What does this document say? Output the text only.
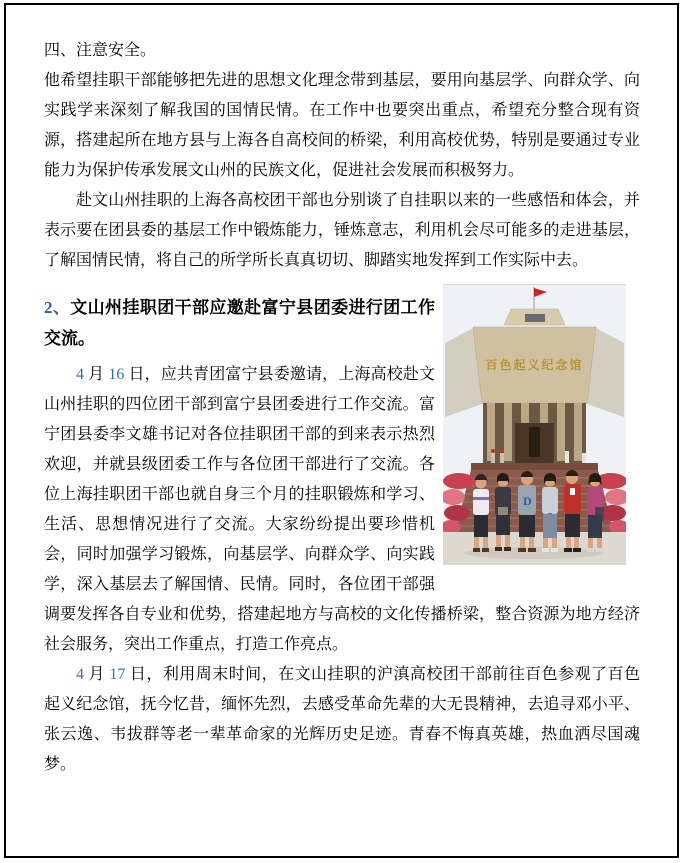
四、注意安全。

他希望挂职干部能够把先进的思想文化理念带到基层，要用向基层学、向群众学、向实践学来深刻了解我国的国情民情。在工作中也要突出重点，希望充分整合现有资源，搭建起所在地方县与上海各自高校间的桥梁，利用高校优势，特别是要通过专业能力为保护传承发展文山州的民族文化，促进社会发展而积极努力。

赴文山州挂职的上海各高校团干部也分别谈了自挂职以来的一些感悟和体会，并表示要在团县委的基层工作中锻炼能力，锤炼意志，利用机会尽可能多的走进基层，了解国情民情，将自己的所学所长真真切切、脚踏实地发挥到工作实际中去。

百色起义纪念馆
D
2、文山州挂职团干部应邀赴富宁县团委进行团工作交流。

4 月 16 日，应共青团富宁县委邀请，上海高校赴文山州挂职的四位团干部到富宁县团委进行工作交流。富宁团县委李文雄书记对各位挂职团干部的到来表示热烈欢迎，并就县级团委工作与各位团干部进行了交流。各位上海挂职团干部也就自身三个月的挂职锻炼和学习、生活、思想情况进行了交流。大家纷纷提出要珍惜机会，同时加强学习锻炼，向基层学、向群众学、向实践学，深入基层去了解国情、民情。同时，各位团干部强调要发挥各自专业和优势，搭建起地方与高校的文化传播桥梁，整合资源为地方经济社会服务，突出工作重点，打造工作亮点。

4 月 17 日，利用周末时间，在文山挂职的沪滇高校团干部前往百色参观了百色起义纪念馆，抚今忆昔，缅怀先烈，去感受革命先辈的大无畏精神，去追寻邓小平、张云逸、韦拔群等老一辈革命家的光辉历史足迹。青春不悔真英雄，热血洒尽国魂梦。
